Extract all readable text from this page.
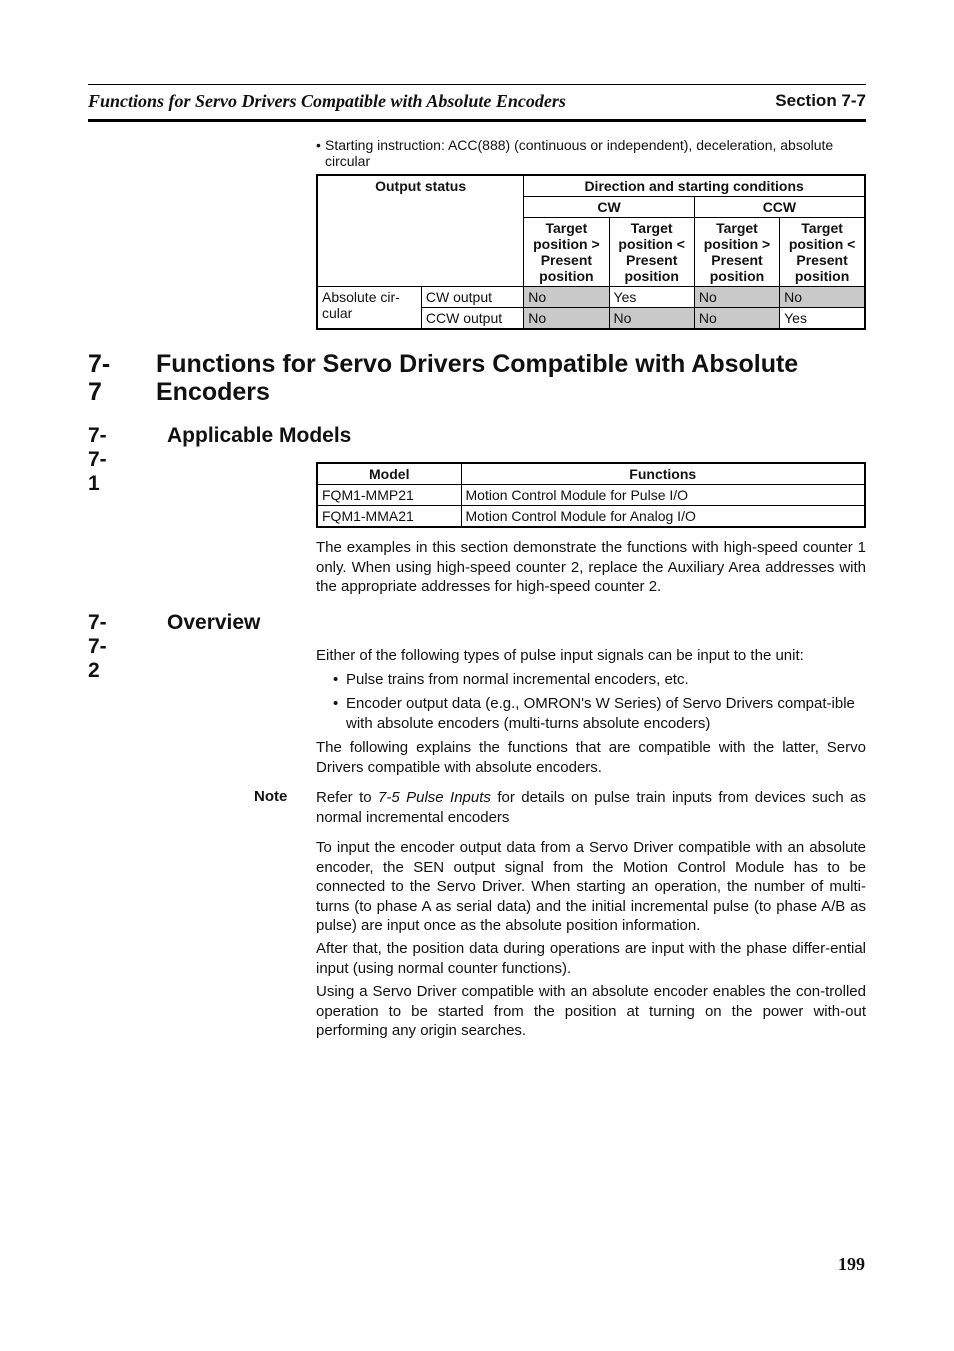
Functions for Servo Drivers Compatible with Absolute Encoders	Section 7-7
• Starting instruction: ACC(888) (continuous or independent), deceleration, absolute
circular
Output status		Direction and starting conditions			
		CW		CCW	
		Target position > Present position	Target position < Present position	Target position > Present position	Target position < Present position
Absolute cir-cular	CW output	No	Yes	No	No
	CCW output	No	No	No	Yes
7-7
Functions for Servo Drivers Compatible with Absolute Encoders
7-7-1
Applicable Models
Model	Functions
FQM1-MMP21	Motion Control Module for Pulse I/O
FQM1-MMA21	Motion Control Module for Analog I/O
The examples in this section demonstrate the functions with high-speed counter 1 only. When using high-speed counter 2, replace the Auxiliary Area addresses with the appropriate addresses for high-speed counter 2.
7-7-2
Overview
Either of the following types of pulse input signals can be input to the unit:
• Pulse trains from normal incremental encoders, etc.
• Encoder output data (e.g., OMRON's W Series) of Servo Drivers compat-ible with absolute encoders (multi-turns absolute encoders)
The following explains the functions that are compatible with the latter, Servo Drivers compatible with absolute encoders.
Note Refer to 7-5 Pulse Inputs for details on pulse train inputs from devices such as normal incremental encoders
To input the encoder output data from a Servo Driver compatible with an absolute encoder, the SEN output signal from the Motion Control Module has to be connected to the Servo Driver. When starting an operation, the number of multi-turns (to phase A as serial data) and the initial incremental pulse (to phase A/B as pulse) are input once as the absolute position information.
After that, the position data during operations are input with the phase differ-ential input (using normal counter functions).
Using a Servo Driver compatible with an absolute encoder enables the con-trolled operation to be started from the position at turning on the power with-out performing any origin searches.
199
